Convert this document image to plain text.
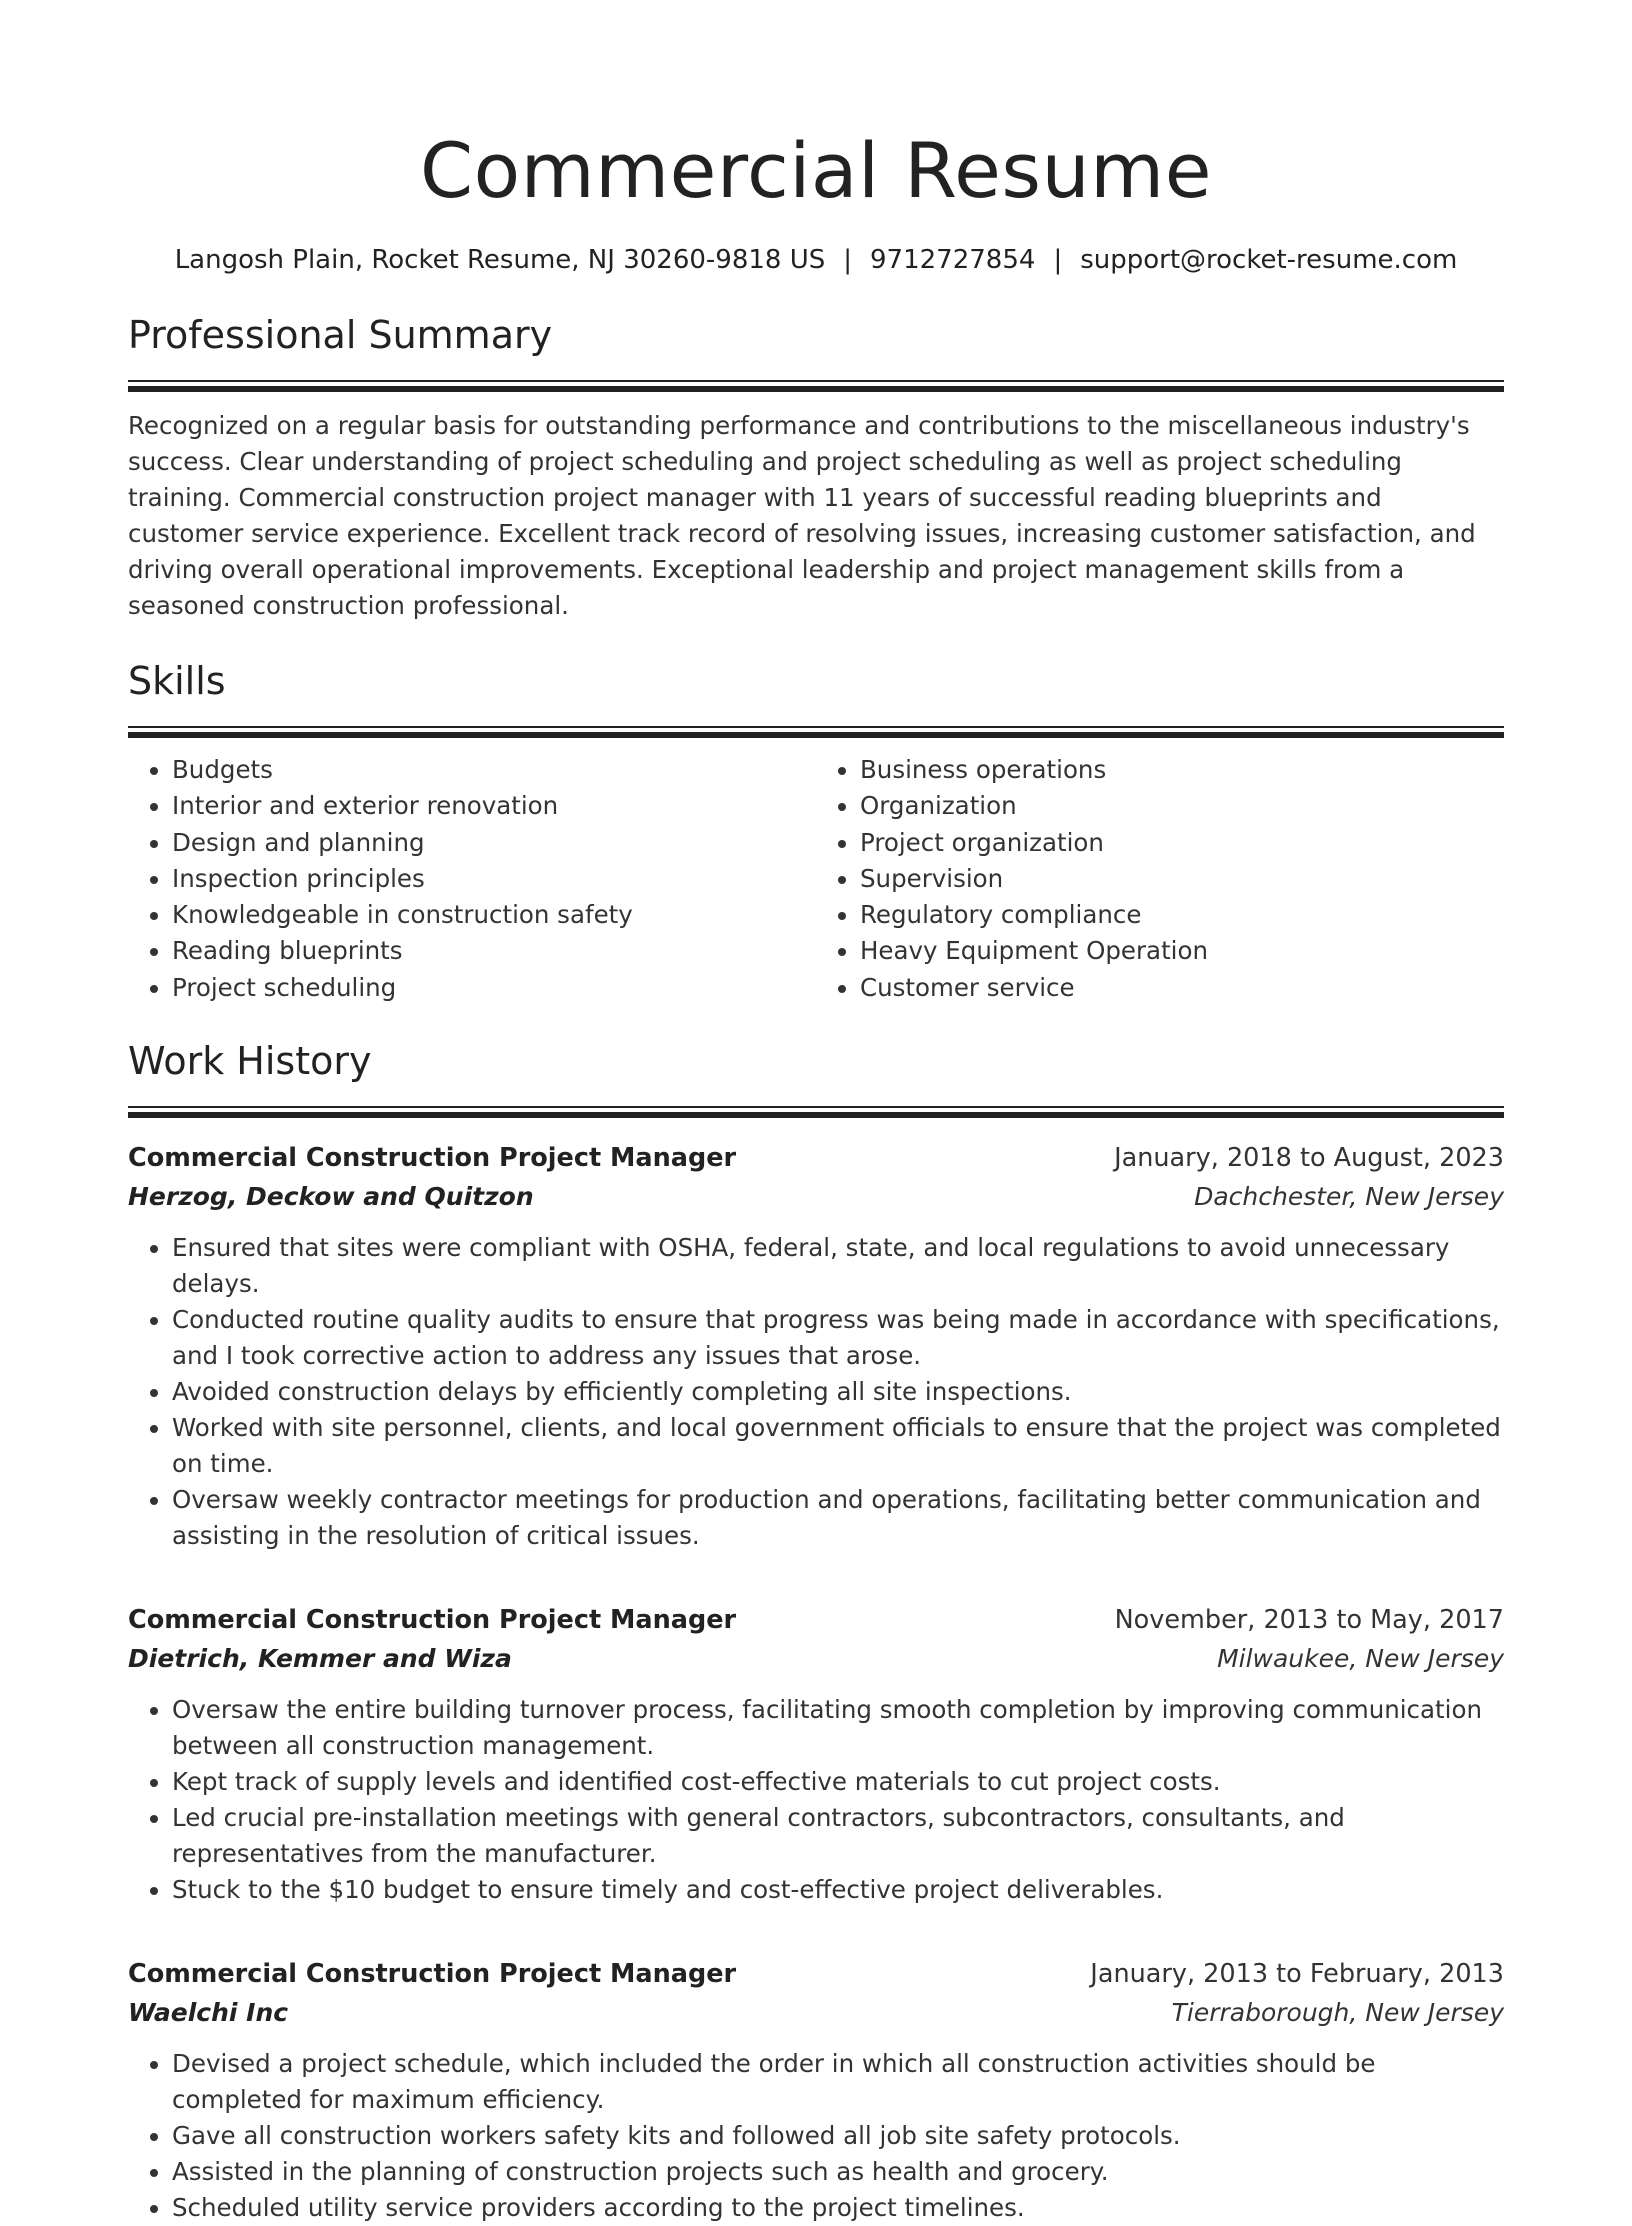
Commercial Resume
Langosh Plain, Rocket Resume, NJ 30260-9818 US | 9712727854 | support@rocket-resume.com
Professional Summary

Recognized on a regular basis for outstanding performance and contributions to the miscellaneous industry's success. Clear understanding of project scheduling and project scheduling as well as project scheduling training. Commercial construction project manager with 11 years of successful reading blueprints and customer service experience. Excellent track record of resolving issues, increasing customer satisfaction, and driving overall operational improvements. Exceptional leadership and project management skills from a seasoned construction professional.

Skills
• Budgets
• Interior and exterior renovation
• Design and planning
• Inspection principles
• Knowledgeable in construction safety
• Reading blueprints
• Project scheduling
• Business operations
• Organization
• Project organization
• Supervision
• Regulatory compliance
• Heavy Equipment Operation
• Customer service
Work History
Commercial Construction Project Manager	January, 2018 to August, 2023
Herzog, Deckow and Quitzon	Dachchester, New Jersey
• Ensured that sites were compliant with OSHA, federal, state, and local regulations to avoid unnecessary delays.
• Conducted routine quality audits to ensure that progress was being made in accordance with specifications, and I took corrective action to address any issues that arose.
• Avoided construction delays by efficiently completing all site inspections.
• Worked with site personnel, clients, and local government officials to ensure that the project was completed on time.
• Oversaw weekly contractor meetings for production and operations, facilitating better communication and assisting in the resolution of critical issues.
Commercial Construction Project Manager	November, 2013 to May, 2017
Dietrich, Kemmer and Wiza	Milwaukee, New Jersey
• Oversaw the entire building turnover process, facilitating smooth completion by improving communication between all construction management.
• Kept track of supply levels and identified cost-effective materials to cut project costs.
• Led crucial pre-installation meetings with general contractors, subcontractors, consultants, and representatives from the manufacturer.
• Stuck to the $10 budget to ensure timely and cost-effective project deliverables.
Commercial Construction Project Manager	January, 2013 to February, 2013
Waelchi Inc	Tierraborough, New Jersey
• Devised a project schedule, which included the order in which all construction activities should be completed for maximum efficiency.
• Gave all construction workers safety kits and followed all job site safety protocols.
• Assisted in the planning of construction projects such as health and grocery.
• Scheduled utility service providers according to the project timelines.
